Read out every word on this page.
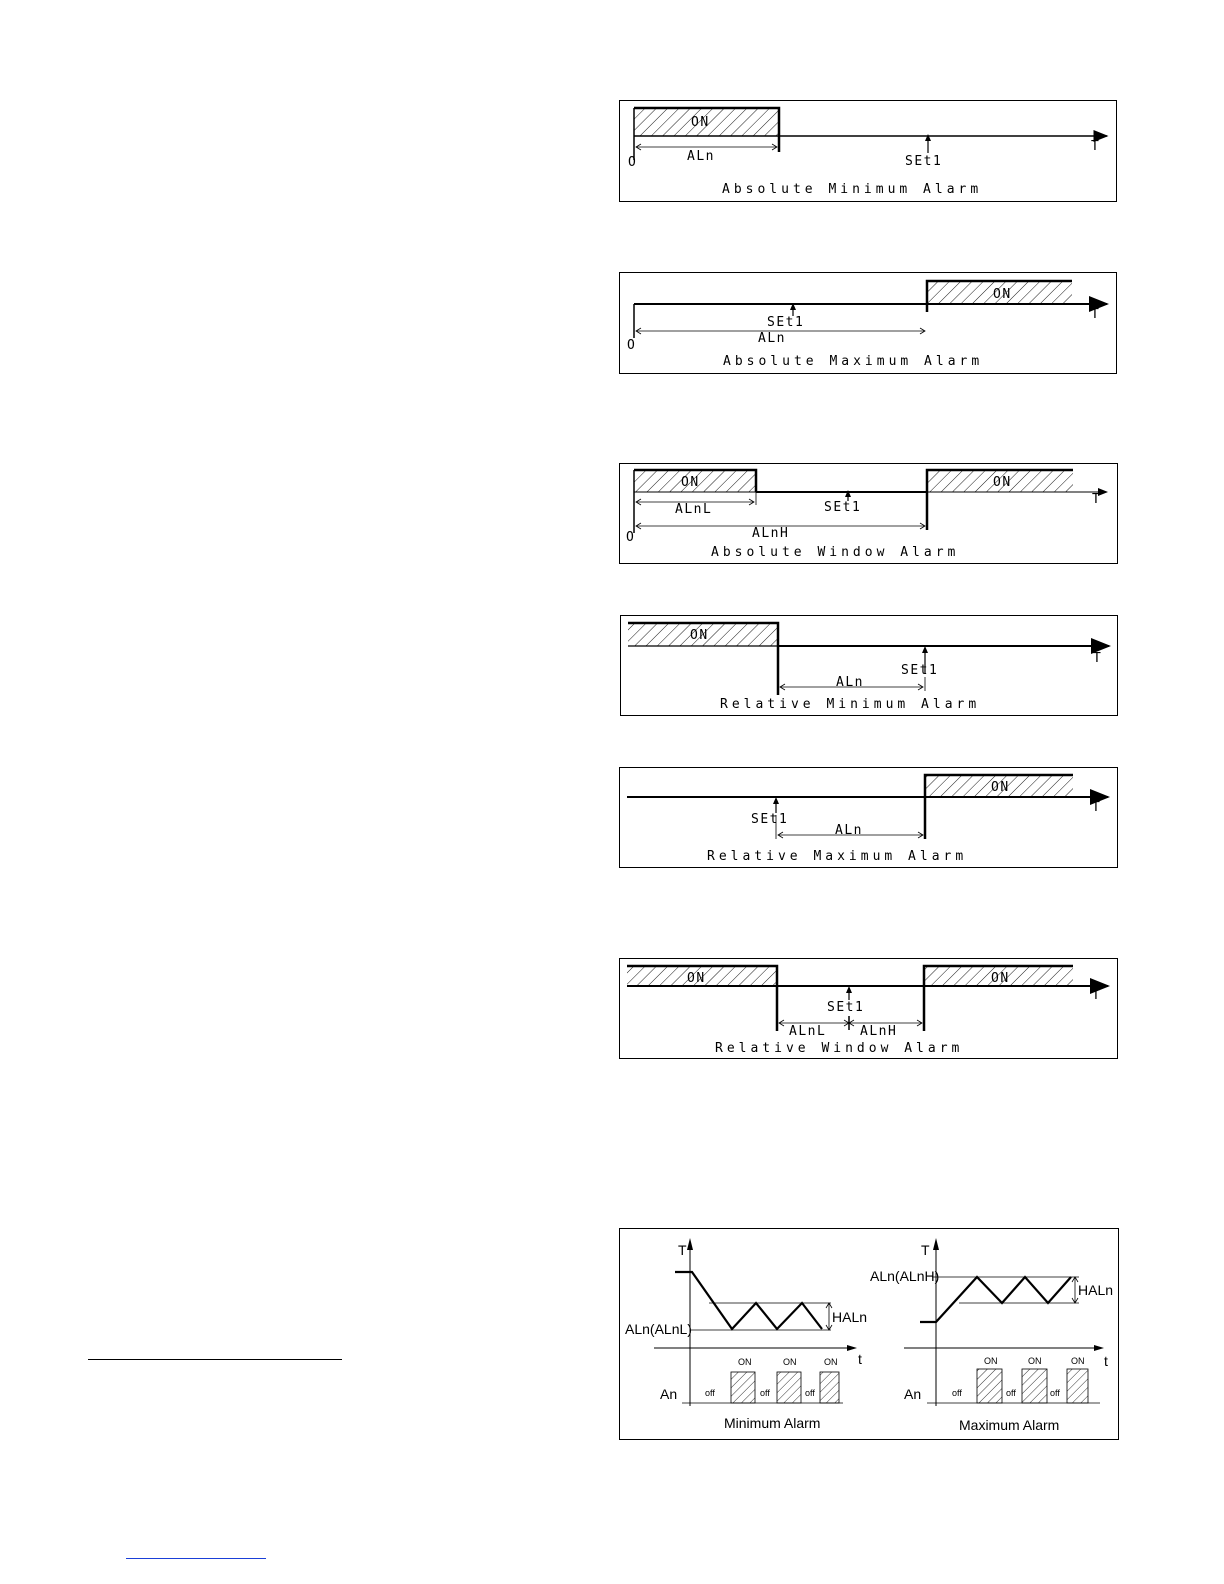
ON
ALn
O	SEt1
T
Absolute Minimum Alarm
ON
SEt1
ALn
O
T
Absolute Maximum Alarm
ON	ON
ALnL	SEt1
ALnH
O
T
Absolute Window Alarm
ON
SEt1
ALn
T
Relative Minimum Alarm
ON
SEt1
ALn
T
Relative Maximum Alarm
ON	ON
SEt1
ALnL	ALnH
T
Relative Window Alarm
T
t
ALn(ALnL)
HALn
An	off
ON
off
ON
off
ON
Minimum Alarm
T
t
ALn(ALnH)
HALn
An	off
ON
off
ON
off
ON
Maximum Alarm
